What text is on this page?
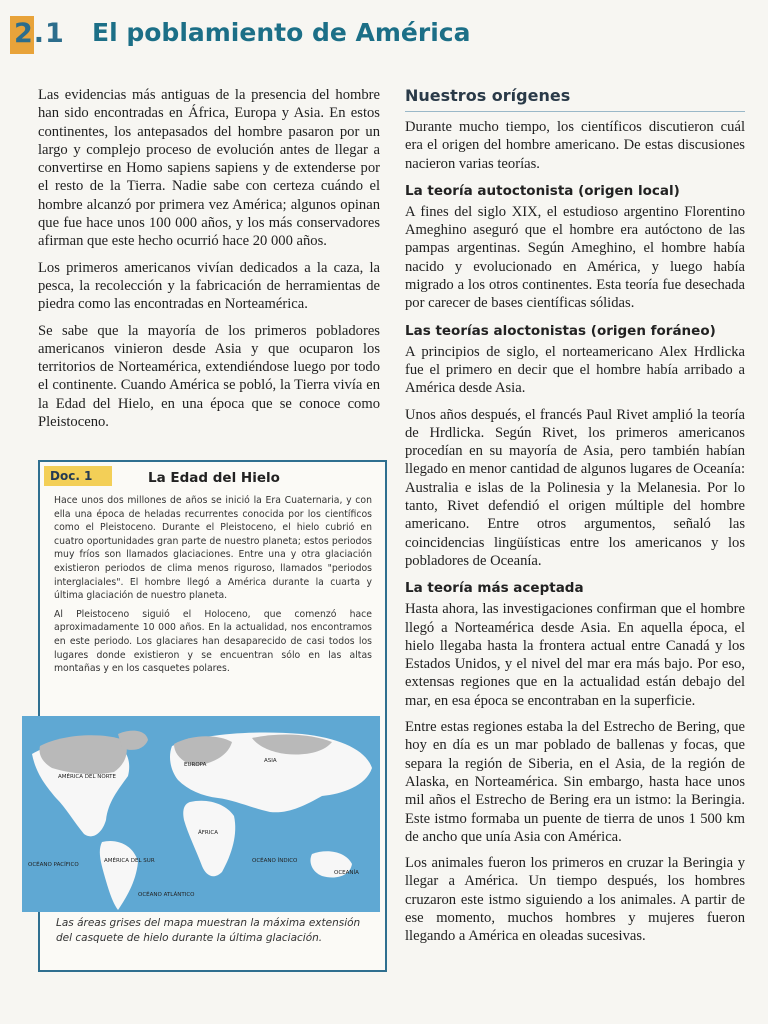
2.1 El poblamiento de América

Las evidencias más antiguas de la presencia del hombre han sido encontradas en África, Europa y Asia. En estos continentes, los antepasados del hombre pasaron por un largo y complejo proceso de evolución antes de llegar a convertirse en Homo sapiens sapiens y de extenderse por el resto de la Tierra. Nadie sabe con certeza cuándo el hombre alcanzó por primera vez América; algunos opinan que fue hace unos 100 000 años, y los más conservadores afirman que este hecho ocurrió hace 20 000 años.

Los primeros americanos vivían dedicados a la caza, la pesca, la recolección y la fabricación de herramientas de piedra como las encontradas en Norteamérica.

Se sabe que la mayoría de los primeros pobladores americanos vinieron desde Asia y que ocuparon los territorios de Norteamérica, extendiéndose luego por todo el continente. Cuando América se pobló, la Tierra vivía en la Edad del Hielo, en una época que se conoce como Pleistoceno.

Doc. 1	La Edad del Hielo

Hace unos dos millones de años se inició la Era Cuaternaria, y con ella una época de heladas recurrentes conocida por los científicos como el Pleistoceno. Durante el Pleistoceno, el hielo cubrió en cuatro oportunidades gran parte de nuestro planeta; estos periodos muy fríos son llamados glaciaciones. Entre una y otra glaciación existieron periodos de clima menos riguroso, llamados "periodos interglaciales". El hombre llegó a América durante la cuarta y última glaciación de nuestro planeta.

Al Pleistoceno siguió el Holoceno, que comenzó hace aproximadamente 10 000 años. En la actualidad, nos encontramos en este periodo. Los glaciares han desaparecido de casi todos los lugares donde existieron y se encuentran sólo en las altas montañas y en los casquetes polares.

AMÉRICA DEL NORTE
EUROPA
ASIA
ÁFRICA
AMÉRICA DEL SUR
OCÉANO PACÍFICO
OCÉANO ATLÁNTICO
OCÉANO ÍNDICO
OCEANÍA
Las áreas grises del mapa muestran la máxima extensión del casquete de hielo durante la última glaciación.
Nuestros orígenes

Durante mucho tiempo, los científicos discutieron cuál era el origen del hombre americano. De estas discusiones nacieron varias teorías.

La teoría autoctonista (origen local)

A fines del siglo XIX, el estudioso argentino Florentino Ameghino aseguró que el hombre era autóctono de las pampas argentinas. Según Ameghino, el hombre había nacido y evolucionado en América, y luego había migrado a los otros continentes. Esta teoría fue desechada por carecer de bases científicas sólidas.

Las teorías aloctonistas (origen foráneo)

A principios de siglo, el norteamericano Alex Hrdlicka fue el primero en decir que el hombre había arribado a América desde Asia.

Unos años después, el francés Paul Rivet amplió la teoría de Hrdlicka. Según Rivet, los primeros americanos procedían en su mayoría de Asia, pero también habían llegado en menor cantidad de algunos lugares de Oceanía: Australia e islas de la Polinesia y la Melanesia. Por lo tanto, Rivet defendió el origen múltiple del hombre americano. Entre otros argumentos, señaló las coincidencias lingüísticas entre los americanos y los pobladores de Oceanía.

La teoría más aceptada

Hasta ahora, las investigaciones confirman que el hombre llegó a Norteamérica desde Asia. En aquella época, el hielo llegaba hasta la frontera actual entre Canadá y los Estados Unidos, y el nivel del mar era más bajo. Por eso, extensas regiones que en la actualidad están debajo del mar, en esa época se encontraban en la superficie.

Entre estas regiones estaba la del Estrecho de Bering, que hoy en día es un mar poblado de ballenas y focas, que separa la región de Siberia, en el Asia, de la región de Alaska, en Norteamérica. Sin embargo, hasta hace unos mil años el Estrecho de Bering era un istmo: la Beringia. Este istmo formaba un puente de tierra de unos 1 500 km de ancho que unía Asia con América.

Los animales fueron los primeros en cruzar la Beringia y llegar a América. Un tiempo después, los hombres cruzaron este istmo siguiendo a los animales. A partir de ese momento, muchos hombres y mujeres fueron llegando a América en oleadas sucesivas.
